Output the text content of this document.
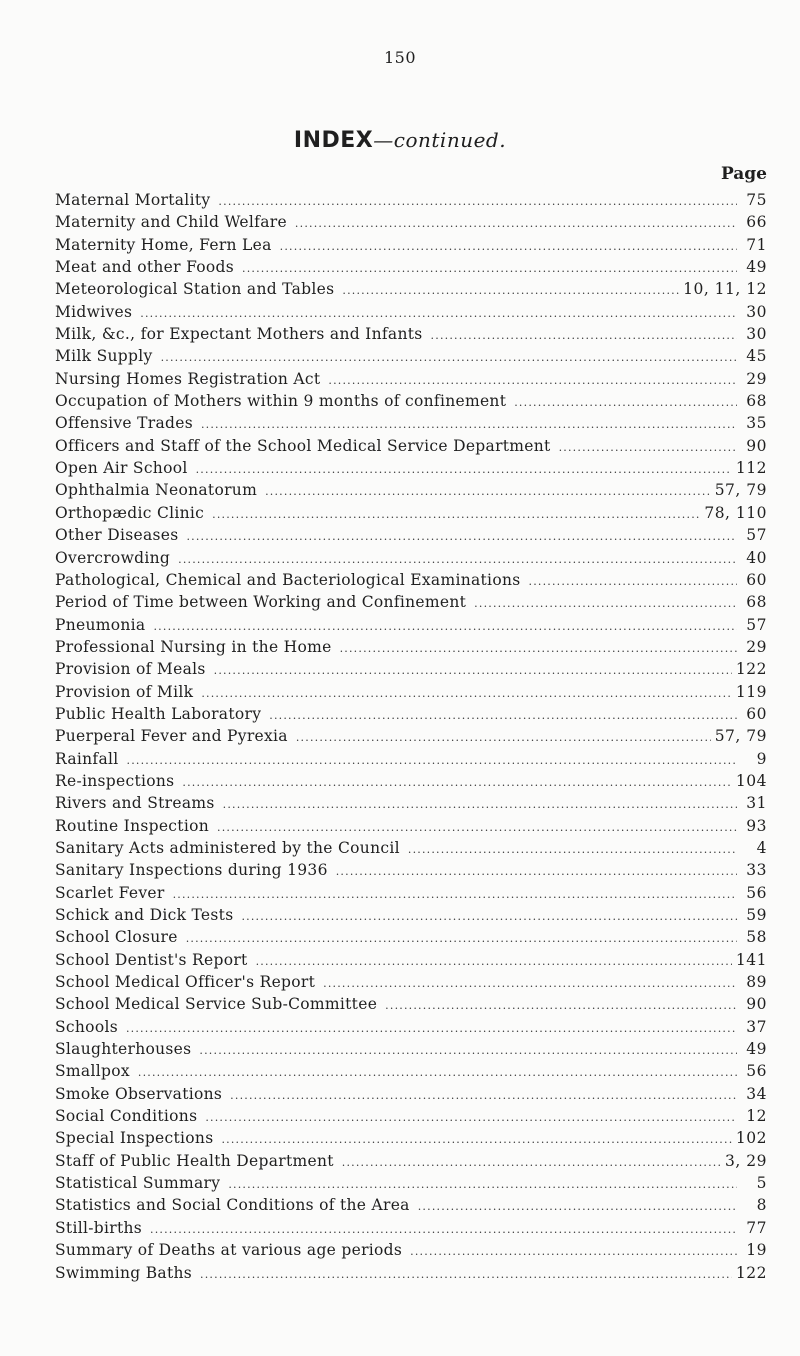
150
INDEX—continued.
Page
Maternal Mortality .....	75
Maternity and Child Welfare .....	66
Maternity Home, Fern Lea .....	71
Meat and other Foods .....	49
Meteorological Station and Tables .....	10, 11, 12
Midwives .....	30
Milk, &c., for Expectant Mothers and Infants .....	30
Milk Supply .....	45
Nursing Homes Registration Act .....	29
Occupation of Mothers within 9 months of confinement .....	68
Offensive Trades .....	35
Officers and Staff of the School Medical Service Department .....	90
Open Air School .....	112
Ophthalmia Neonatorum .....	57, 79
Orthopædic Clinic .....	78, 110
Other Diseases .....	57
Overcrowding .....	40
Pathological, Chemical and Bacteriological Examinations .....	60
Period of Time between Working and Confinement .....	68
Pneumonia .....	57
Professional Nursing in the Home .....	29
Provision of Meals .....	122
Provision of Milk .....	119
Public Health Laboratory .....	60
Puerperal Fever and Pyrexia .....	57, 79
Rainfall .....	9
Re-inspections .....	104
Rivers and Streams .....	31
Routine Inspection .....	93
Sanitary Acts administered by the Council .....	4
Sanitary Inspections during 1936 .....	33
Scarlet Fever .....	56
Schick and Dick Tests .....	59
School Closure .....	58
School Dentist's Report .....	141
School Medical Officer's Report .....	89
School Medical Service Sub-Committee .....	90
Schools .....	37
Slaughterhouses .....	49
Smallpox .....	56
Smoke Observations .....	34
Social Conditions .....	12
Special Inspections .....	102
Staff of Public Health Department .....	3, 29
Statistical Summary .....	5
Statistics and Social Conditions of the Area .....	8
Still-births .....	77
Summary of Deaths at various age periods .....	19
Swimming Baths .....	122
